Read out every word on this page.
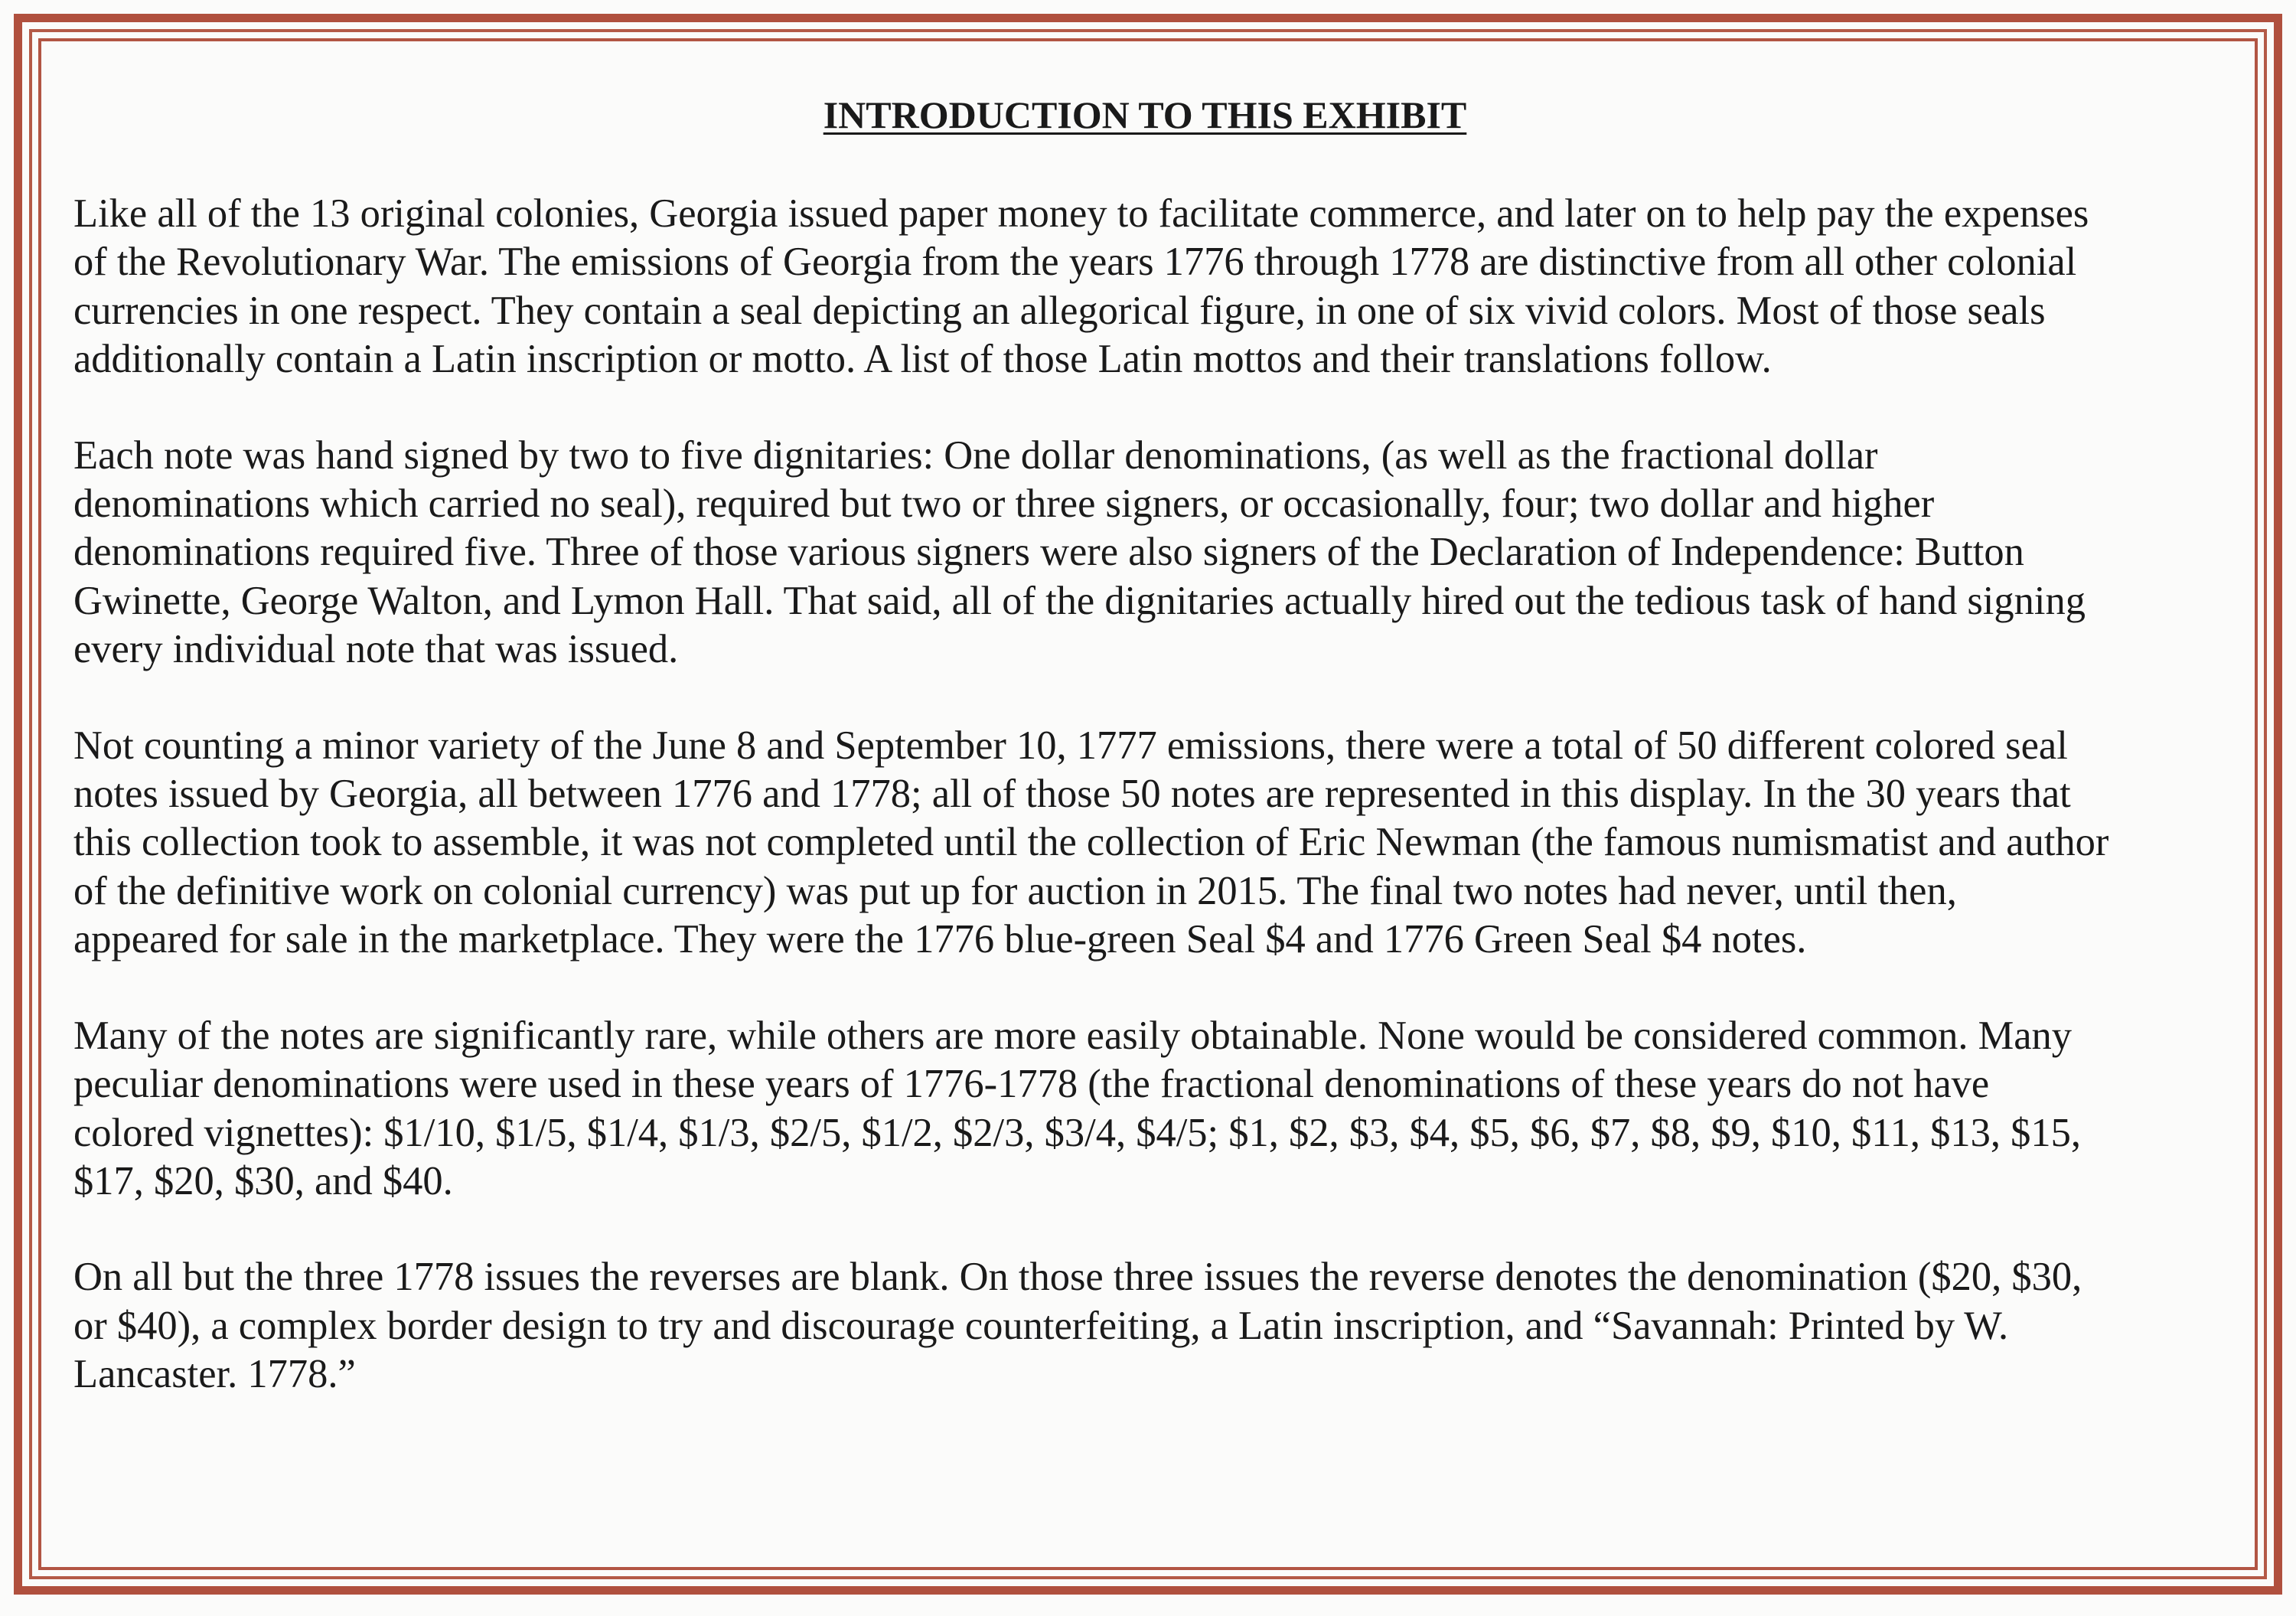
INTRODUCTION TO THIS EXHIBIT
Like all of the 13 original colonies, Georgia issued paper money to facilitate commerce, and later on to help pay the expenses
of the Revolutionary War. The emissions of Georgia from the years 1776 through 1778 are distinctive from all other colonial
currencies in one respect. They contain a seal depicting an allegorical figure, in one of six vivid colors. Most of those seals
additionally contain a Latin inscription or motto. A list of those Latin mottos and their translations follow.
Each note was hand signed by two to five dignitaries: One dollar denominations, (as well as the fractional dollar
denominations which carried no seal), required but two or three signers, or occasionally, four; two dollar and higher
denominations required five. Three of those various signers were also signers of the Declaration of Independence: Button
Gwinette, George Walton, and Lymon Hall. That said, all of the dignitaries actually hired out the tedious task of hand signing
every individual note that was issued.
Not counting a minor variety of the June 8 and September 10, 1777 emissions, there were a total of 50 different colored seal
notes issued by Georgia, all between 1776 and 1778; all of those 50 notes are represented in this display. In the 30 years that
this collection took to assemble, it was not completed until the collection of Eric Newman (the famous numismatist and author
of the definitive work on colonial currency) was put up for auction in 2015. The final two notes had never, until then,
appeared for sale in the marketplace. They were the 1776 blue-green Seal $4 and 1776 Green Seal $4 notes.
Many of the notes are significantly rare, while others are more easily obtainable. None would be considered common. Many
peculiar denominations were used in these years of 1776-1778 (the fractional denominations of these years do not have
colored vignettes): $1/10, $1/5, $1/4, $1/3, $2/5, $1/2, $2/3, $3/4, $4/5; $1, $2, $3, $4, $5, $6, $7, $8, $9, $10, $11, $13, $15,
$17, $20, $30, and $40.
On all but the three 1778 issues the reverses are blank. On those three issues the reverse denotes the denomination ($20, $30,
or $40), a complex border design to try and discourage counterfeiting, a Latin inscription, and “Savannah: Printed by W.
Lancaster. 1778.”
